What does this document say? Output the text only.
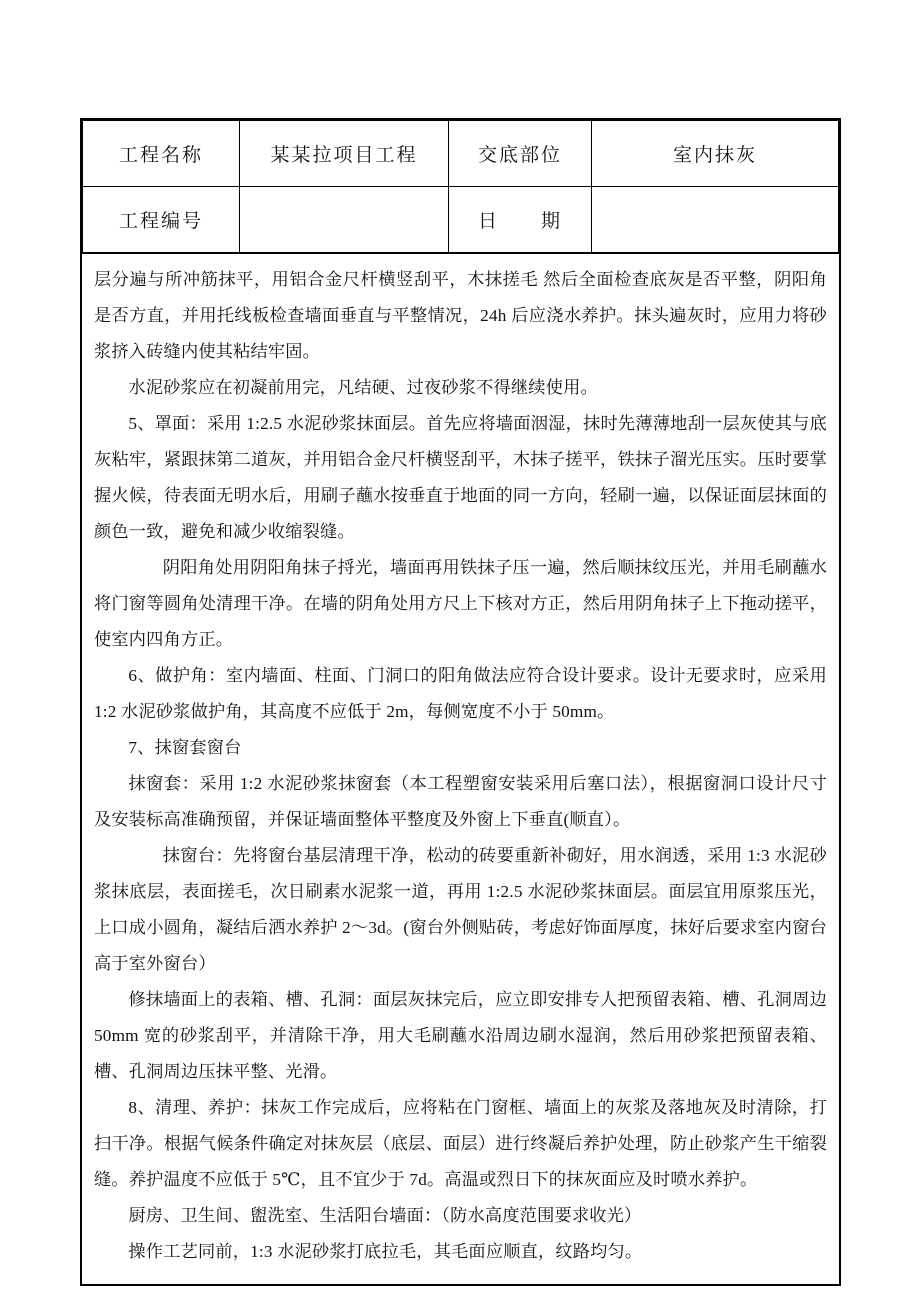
工程名称	某某拉项目工程	交底部位	室内抹灰
工程编号		日　　期	

层分遍与所冲筋抹平，用铝合金尺杆横竖刮平，木抹搓毛 然后全面检查底灰是否平整，阴阳角是否方直，并用托线板检查墙面垂直与平整情况，24h 后应浇水养护。抹头遍灰时，应用力将砂浆挤入砖缝内使其粘结牢固。

水泥砂浆应在初凝前用完，凡结硬、过夜砂浆不得继续使用。

5、罩面：采用 1:2.5 水泥砂浆抹面层。首先应将墙面洇湿，抹时先薄薄地刮一层灰使其与底灰粘牢，紧跟抹第二道灰，并用铝合金尺杆横竖刮平，木抹子搓平，铁抹子溜光压实。压时要掌握火候，待表面无明水后，用刷子蘸水按垂直于地面的同一方向，轻刷一遍，以保证面层抹面的颜色一致，避免和减少收缩裂缝。

阴阳角处用阴阳角抹子捋光，墙面再用铁抹子压一遍，然后顺抹纹压光，并用毛刷蘸水将门窗等圆角处清理干净。在墙的阴角处用方尺上下核对方正，然后用阴角抹子上下拖动搓平，使室内四角方正。

6、做护角：室内墙面、柱面、门洞口的阳角做法应符合设计要求。设计无要求时，应采用 1:2 水泥砂浆做护角，其高度不应低于 2m，每侧宽度不小于 50mm。

7、抹窗套窗台

抹窗套：采用 1:2 水泥砂浆抹窗套（本工程塑窗安装采用后塞口法），根据窗洞口设计尺寸及安装标高准确预留，并保证墙面整体平整度及外窗上下垂直(顺直）。

抹窗台：先将窗台基层清理干净，松动的砖要重新补砌好，用水润透，采用 1:3 水泥砂浆抹底层，表面搓毛，次日刷素水泥浆一道，再用 1:2.5 水泥砂浆抹面层。面层宜用原浆压光，上口成小圆角，凝结后洒水养护 2～3d。(窗台外侧贴砖，考虑好饰面厚度，抹好后要求室内窗台高于室外窗台）

修抹墙面上的表箱、槽、孔洞：面层灰抹完后，应立即安排专人把预留表箱、槽、孔洞周边 50mm 宽的砂浆刮平，并清除干净，用大毛刷蘸水沿周边刷水湿润，然后用砂浆把预留表箱、槽、孔洞周边压抹平整、光滑。

8、清理、养护：抹灰工作完成后，应将粘在门窗框、墙面上的灰浆及落地灰及时清除，打扫干净。根据气候条件确定对抹灰层（底层、面层）进行终凝后养护处理，防止砂浆产生干缩裂缝。养护温度不应低于 5℃，且不宜少于 7d。高温或烈日下的抹灰面应及时喷水养护。

厨房、卫生间、盥洗室、生活阳台墙面：（防水高度范围要求收光）

操作工艺同前，1:3 水泥砂浆打底拉毛，其毛面应顺直，纹路均匀。
